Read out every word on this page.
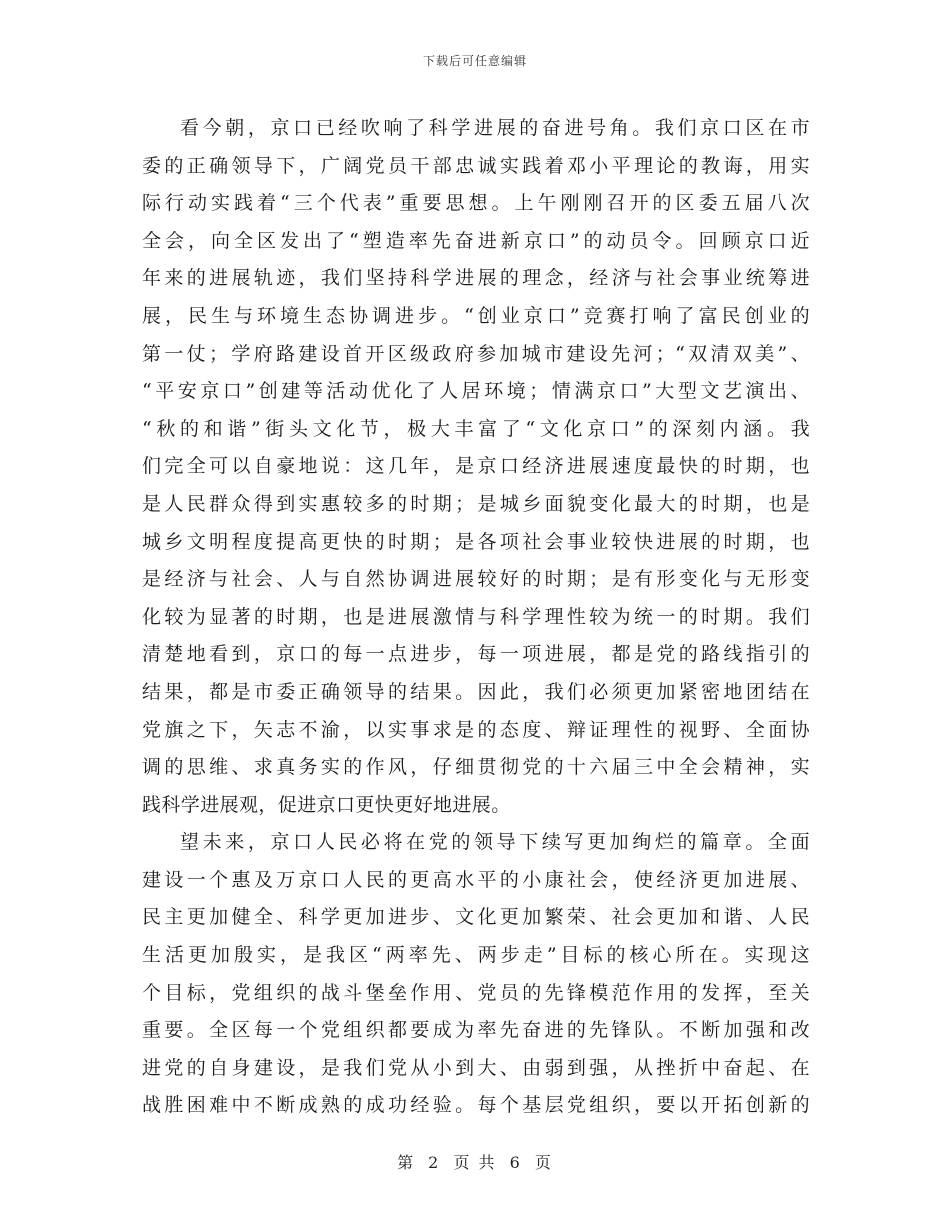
下载后可任意编辑
看今朝，京口已经吹响了科学进展的奋进号角。我们京口区在市
委的正确领导下，广阔党员干部忠诚实践着邓小平理论的教诲，用实
际行动实践着“三个代表”重要思想。上午刚刚召开的区委五届八次
全会，向全区发出了“塑造率先奋进新京口”的动员令。回顾京口近
年来的进展轨迹，我们坚持科学进展的理念，经济与社会事业统筹进
展，民生与环境生态协调进步。“创业京口”竞赛打响了富民创业的
第一仗；学府路建设首开区级政府参加城市建设先河；“双清双美”、
“平安京口”创建等活动优化了人居环境；情满京口”大型文艺演出、
“秋的和谐”街头文化节，极大丰富了“文化京口”的深刻内涵。我
们完全可以自豪地说：这几年，是京口经济进展速度最快的时期，也
是人民群众得到实惠较多的时期；是城乡面貌变化最大的时期，也是
城乡文明程度提高更快的时期；是各项社会事业较快进展的时期，也
是经济与社会、人与自然协调进展较好的时期；是有形变化与无形变
化较为显著的时期，也是进展激情与科学理性较为统一的时期。我们
清楚地看到，京口的每一点进步，每一项进展，都是党的路线指引的
结果，都是市委正确领导的结果。因此，我们必须更加紧密地团结在
党旗之下，矢志不渝，以实事求是的态度、辩证理性的视野、全面协
调的思维、求真务实的作风，仔细贯彻党的十六届三中全会精神，实
践科学进展观，促进京口更快更好地进展。
望未来，京口人民必将在党的领导下续写更加绚烂的篇章。全面
建设一个惠及万京口人民的更高水平的小康社会，使经济更加进展、
民主更加健全、科学更加进步、文化更加繁荣、社会更加和谐、人民
生活更加殷实，是我区“两率先、两步走”目标的核心所在。实现这
个目标，党组织的战斗堡垒作用、党员的先锋模范作用的发挥，至关
重要。全区每一个党组织都要成为率先奋进的先锋队。不断加强和改
进党的自身建设，是我们党从小到大、由弱到强，从挫折中奋起、在
战胜困难中不断成熟的成功经验。每个基层党组织，要以开拓创新的
第 2 页 共 6 页
